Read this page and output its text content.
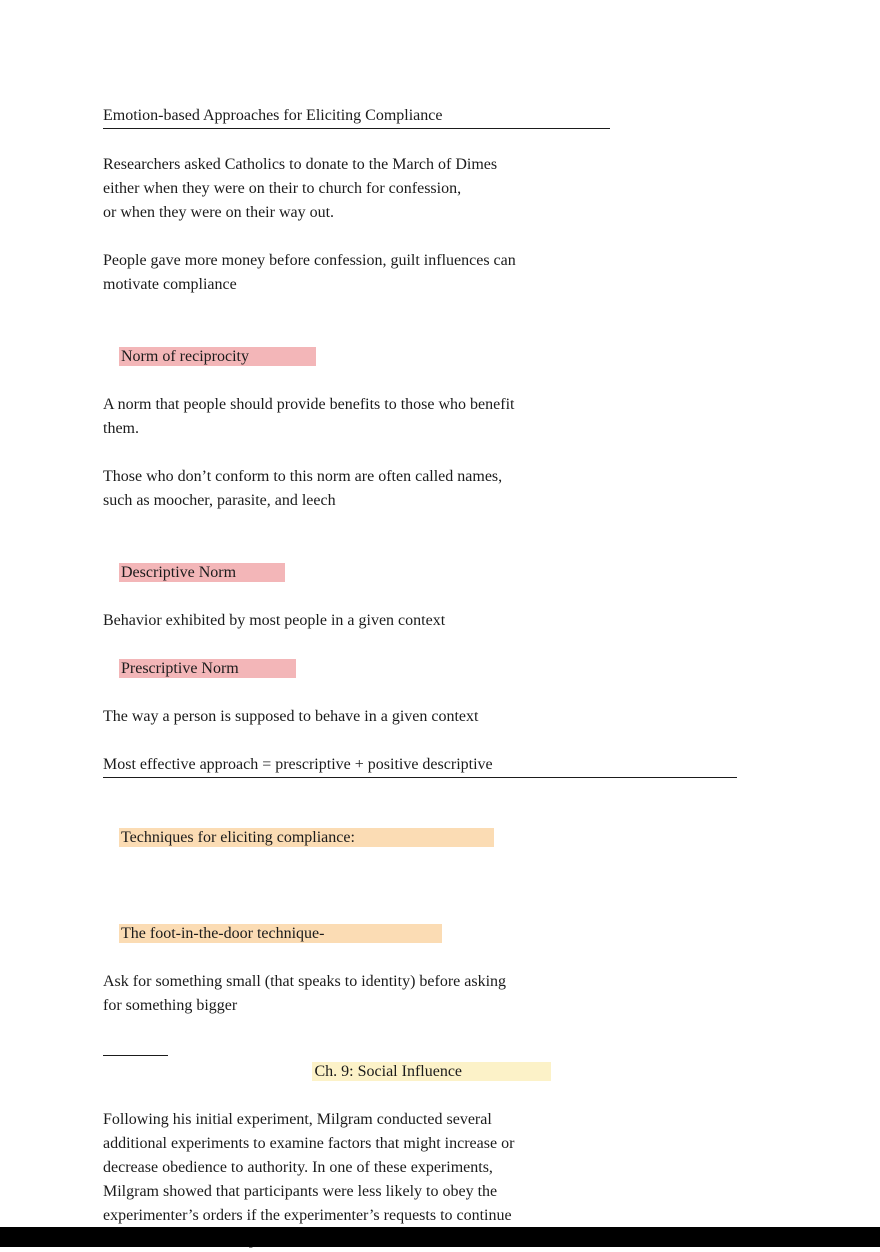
Emotion-based Approaches for Eliciting Compliance
Researchers asked Catholics to donate to the March of Dimes
either when they were on their to church for confession,
or when they were on their way out.
People gave more money before confession, guilt influences can
motivate compliance

Norm of reciprocity

A norm that people should provide benefits to those who benefit
them.
Those who don’t conform to this norm are often called names,
such as moocher, parasite, and leech

Descriptive Norm

Behavior exhibited by most people in a given context

Prescriptive Norm

The way a person is supposed to behave in a given context
Most effective approach = prescriptive + positive descriptive

Techniques for eliciting compliance:

The foot-in-the-door technique-

Ask for something small (that speaks to identity) before asking
for something bigger
Ch. 9: Social Influence
Following his initial experiment, Milgram conducted several
additional experiments to examine factors that might increase or
decrease obedience to authority. In one of these experiments,
Milgram showed that participants were less likely to obey the
experimenter’s orders if the experimenter’s requests to continue
